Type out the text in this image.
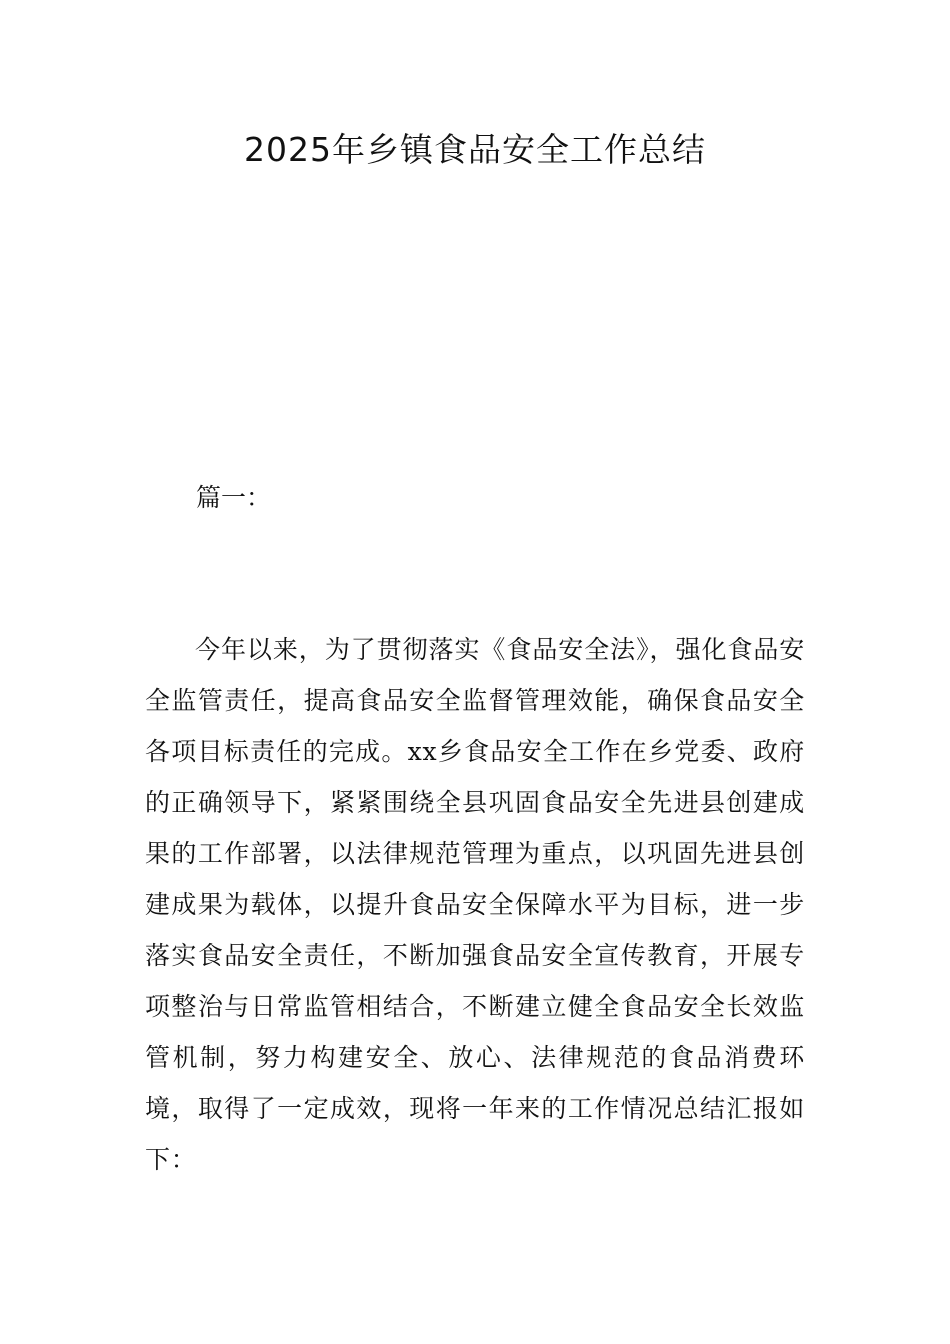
2025年乡镇食品安全工作总结
篇一：

今年以来，为了贯彻落实《食品安全法》，强化食品安全监管责任，提高食品安全监督管理效能，确保食品安全各项目标责任的完成。xx乡食品安全工作在乡党委、政府的正确领导下，紧紧围绕全县巩固食品安全先进县创建成果的工作部署，以法律规范管理为重点，以巩固先进县创建成果为载体，以提升食品安全保障水平为目标，进一步落实食品安全责任，不断加强食品安全宣传教育，开展专项整治与日常监管相结合，不断建立健全食品安全长效监管机制，努力构建安全、放心、法律规范的食品消费环境，取得了一定成效，现将一年来的工作情况总结汇报如下：
